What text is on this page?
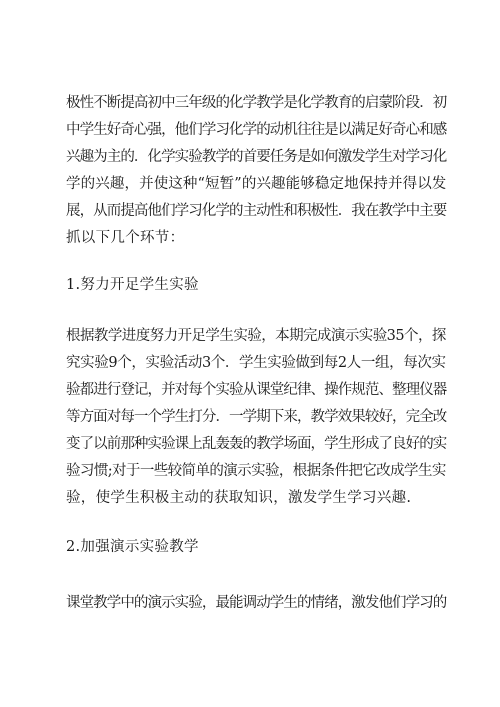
极性不断提高初中三年级的化学教学是化学教育的启蒙阶段．初
中学生好奇心强，他们学习化学的动机往往是以满足好奇心和感
兴趣为主的．化学实验教学的首要任务是如何激发学生对学习化
学的兴趣，并使这种“短暂”的兴趣能够稳定地保持并得以发
展，从而提高他们学习化学的主动性和积极性．我在教学中主要
抓以下几个环节：
1.努力开足学生实验
根据教学进度努力开足学生实验，本期完成演示实验35个，探
究实验9个，实验活动3个．学生实验做到每2人一组，每次实
验都进行登记，并对每个实验从课堂纪律、操作规范、整理仪器
等方面对每一个学生打分．一学期下来，教学效果较好，完全改
变了以前那种实验课上乱轰轰的教学场面，学生形成了良好的实
验习惯;对于一些较简单的演示实验，根据条件把它改成学生实
验，使学生积极主动的获取知识，激发学生学习兴趣.
2.加强演示实验教学
课堂教学中的演示实验，最能调动学生的情绪，激发他们学习的
